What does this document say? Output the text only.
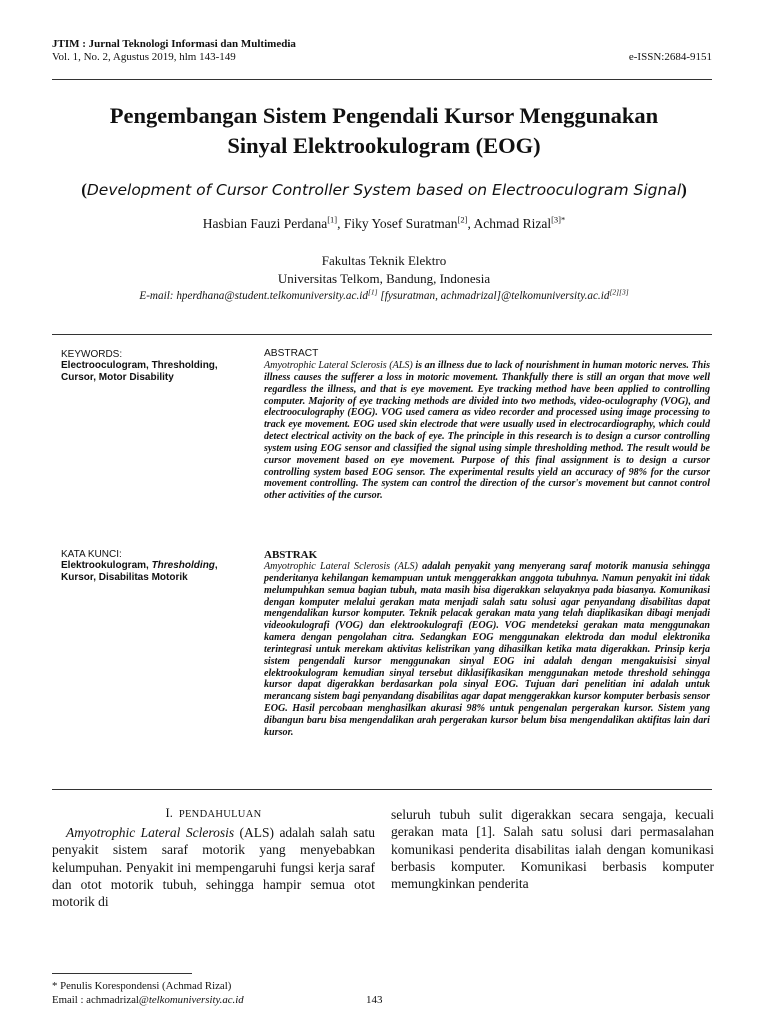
JTIM : Jurnal Teknologi Informasi dan Multimedia
Vol. 1, No. 2, Agustus 2019, hlm 143-149	e-ISSN:2684-9151
Pengembangan Sistem Pengendali Kursor Menggunakan
Sinyal Elektrookulogram (EOG)
(Development of Cursor Controller System based on Electrooculogram Signal)
Hasbian Fauzi Perdana[1], Fiky Yosef Suratman[2], Achmad Rizal$^{[3]*}$
Fakultas Teknik Elektro
Universitas Telkom, Bandung, Indonesia
E-mail: hperdhana@student.telkomuniversity.ac.id[1] [fysuratman, achmadrizal]@telkomuniversity.ac.id[2][3]
KEYWORDS:
Electrooculogram, Thresholding, Cursor, Motor Disability
ABSTRACT
Amyotrophic Lateral Sclerosis (ALS) is an illness due to lack of nourishment in human motoric nerves. This illness causes the sufferer a loss in motoric movement. Thankfully there is still an organ that move well regardless the illness, and that is eye movement. Eye tracking method have been applied to controlling computer. Majority of eye tracking methods are divided into two methods, video-oculography (VOG), and electrooculography (EOG). VOG used camera as video recorder and processed using image processing to track eye movement. EOG used skin electrode that were usually used in electrocardiography, which could detect electrical activity on the back of eye. The principle in this research is to design a cursor controlling system using EOG sensor and classified the signal using simple thresholding method. The result would be cursor movement based on eye movement. Purpose of this final assignment is to design a cursor controlling system based EOG sensor. The experimental results yield an accuracy of 98% for the cursor movement controlling. The system can control the direction of the cursor's movement but cannot control other activities of the cursor.
KATA KUNCI:
Elektrookulogram, Thresholding, Kursor, Disabilitas Motorik
ABSTRAK
Amyotrophic Lateral Sclerosis (ALS) adalah penyakit yang menyerang saraf motorik manusia sehingga penderitanya kehilangan kemampuan untuk menggerakkan anggota tubuhnya. Namun penyakit ini tidak melumpuhkan semua bagian tubuh, mata masih bisa digerakkan selayaknya pada biasanya. Komunikasi dengan komputer melalui gerakan mata menjadi salah satu solusi agar penyandang disabilitas dapat mengendalikan kursor komputer. Teknik pelacak gerakan mata yang telah diaplikasikan dibagi menjadi videookulografi (VOG) dan elektrookulografi (EOG). VOG mendeteksi gerakan mata menggunakan kamera dengan pengolahan citra. Sedangkan EOG menggunakan elektroda dan modul elektronika terintegrasi untuk merekam aktivitas kelistrikan yang dihasilkan ketika mata digerakkan. Prinsip kerja sistem pengendali kursor menggunakan sinyal EOG ini adalah dengan mengakuisisi sinyal elektrookulogram kemudian sinyal tersebut diklasifikasikan menggunakan metode threshold sehingga kursor dapat digerakkan berdasarkan pola sinyal EOG. Tujuan dari penelitian ini adalah untuk merancang sistem bagi penyandang disabilitas agar dapat menggerakkan kursor komputer berbasis sensor EOG. Hasil percobaan menghasilkan akurasi 98% untuk pengenalan pergerakan kursor. Sistem yang dibangun baru bisa mengendalikan arah pergerakan kursor belum bisa mengendalikan aktifitas lain dari kursor.
I. PENDAHULUAN
Amyotrophic Lateral Sclerosis (ALS) adalah salah satu penyakit sistem saraf motorik yang menyebabkan kelumpuhan. Penyakit ini mempengaruhi fungsi kerja saraf dan otot motorik tubuh, sehingga hampir semua otot motorik di
seluruh tubuh sulit digerakkan secara sengaja, kecuali gerakan mata [1]. Salah satu solusi dari permasalahan komunikasi penderita disabilitas ialah dengan komunikasi berbasis komputer. Komunikasi berbasis komputer memungkinkan penderita
* Penulis Korespondensi (Achmad Rizal)
Email : achmadrizal@telkomuniversity.ac.id	143
